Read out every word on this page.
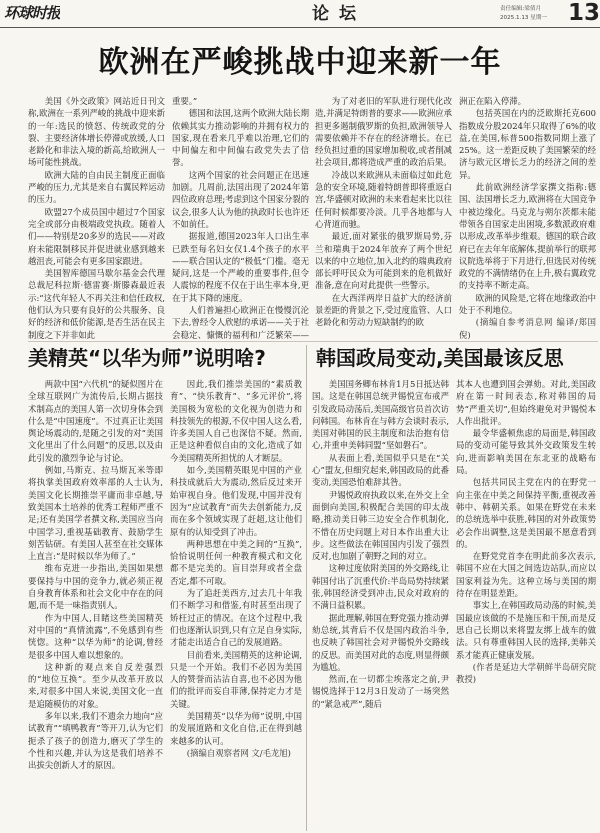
环球时报	论 坛	责任编辑:梁倩月
2025.1.13 星期一 13
欧洲在严峻挑战中迎来新一年

美国《外交政策》网站近日刊文称,欧洲在一系列严峻的挑战中迎来新的一年:选民的愤怒、传统政党的分裂、主要经济体增长停滞或放缓,人口老龄化和非法入境的新高,给欧洲人一场可能性挑战。

欧洲大陆的自由民主制度正面临严峻的压力,尤其是来自右翼民粹运动的压力。

欧盟27个成员国中超过7个国家完全或部分由极端政党执政。随着人们——特别是20多岁的选民——对政府未能限制移民并促进就业感到越来越沮丧,可能会有更多国家跟进。

美国智库德国马歇尔基金会代理总裁尼科拉斯·德雷赛·斯滕森最近表示:“这代年轻人不再关注和信任政权,他们认为只要有良好的公共服务、良好的经济和低价能源,是否生活在民主制度之下并非如此

重要。”

德国和法国,这两个欧洲大陆长期依赖其实力推动影响的并拥有权力的国家,现在看来几乎难以治理,它们的中间偏左和中间偏右政党失去了信誉。

这两个国家的社会问题正在迅速加剧。几周前,法国出现了2024年第四位政府总理;考虑到这个国家分裂的议会,很多人认为他的执政时长也许还不如前任。

据报道,德国2023年人口出生率已跌至每名妇女仅1.4个孩子的水平——联合国认定的“极低”门槛。毫无疑问,这是一个严峻的重要事件,但令人震惊的程度不仅在于出生率本身,更在于其下降的速度。

人们普遍担心欧洲正在慢慢沉沦下去,曾经令人欣慰的承诺——关于社会稳定、慷慨的福利和广泛繁荣——

为了对老旧的军队进行现代化改造,并满足特朗普的要求——欧洲应承担更多遏制俄罗斯的负担,欧洲领导人需要依赖并不存在的经济增长。在已经负担过重的国家增加税收,或者削减社会项目,都将造成严重的政治后果。

冷战以来欧洲从未面临过如此危急的安全环境,随着特朗普即将重返白宫,华盛顿对欧洲的未来看起来比以往任何时候都要冷淡。几乎各地都与人心背道而驰。

最近,面对紧张的俄罗斯局势,芬兰和瑞典于2024年放弃了两个世纪以来的中立地位,加入北约的瑞典政府部长呼吁民众为可能到来的危机做好准备,意在向对此提供一些警示。

在大西洋两岸日益扩大的经济前景差距的背景之下,受过度监管、人口老龄化和劳动力短缺制约的欧

洲正在陷入停滞。

包括英国在内的泛欧斯托克600指数成分股2024年只取得了6%的收益,在美国,标普500指数同期上涨了25%。这一差距反映了美国繁荣的经济与欧元区增长乏力的经济之间的差异。

此前欧洲经济学家撰文指称:德国、法国增长乏力,欧洲将在大国竞争中被边缘化。马克龙与朔尔茨都未能带领各自国家走出困境,多数派政府难以形成,改革举步维艰。德国的联合政府已在去年年底解体,提前举行的联邦议院选举将于下月进行,但选民对传统政党的不满情绪仍在上升,极右翼政党的支持率不断走高。

欧洲的风险是,它将在地缘政治中处于不利地位。

(摘编自参考消息网 编译/郑国倪)

美精英“以华为师”说明啥?	韩国政局变动,美国最该反思

两款中国“六代机”的疑似图片在全球互联网广为流传后,长期占据技术制高点的美国人第一次切身体会到什么是“中国速度”。不过真正让美国舆论场震动的,是随之引发的对“美国文化里出了什么问题”的反思,以及由此引发的激烈争论与讨论。

例如,马斯克、拉马斯瓦米等即将执掌美国政府效率部的人士认为,美国文化长期推崇平庸而非卓越,导致美国本土培养的优秀工程师严重不足;还有美国学者撰文称,美国应当向中国学习,重视基础教育、鼓励学生刻苦钻研。有美国人甚至在社交媒体上直言:“是时候以华为师了。”

维布克进一步指出,美国如果想要保持与中国的竞争力,就必须正视自身教育体系和社会文化中存在的问题,而不是一味指责别人。

作为中国人,目睹这些美国精英对中国的“真情流露”,不免感到有些恍惚。这种“以华为师”的论调,曾经是很多中国人难以想象的。

这种新的观点来自反差强烈的“地位互换”。至少从改革开放以来,对很多中国人来说,美国文化一直是追随模仿的对象。

多年以来,我们不遗余力地向“应试教育”“填鸭教育”等开刀,认为它们扼杀了孩子的创造力,磨灭了学生的个性和兴趣,并认为这是我们培养不出拔尖创新人才的原因。

因此,我们推崇美国的“素质教育”、“快乐教育”、“多元评价”,将美国极为宽松的文化视为创造力和科技领先的根源,不仅中国人这么看,许多美国人自己也深信不疑。然而,正是这种看似自由的文化,造成了如今美国精英所担忧的人才断层。

如今,美国精英眼见中国的产业科技成就后大为震动,然后反过来开始审视自身。他们发现,中国并没有因为“应试教育”而失去创新能力,反而在多个领域实现了赶超,这让他们原有的认知受到了冲击。

两种思想在中美之间的“互换”,恰恰说明任何一种教育模式和文化都不是完美的。盲目崇拜或者全盘否定,都不可取。

为了追赶美西方,过去几十年我们不断学习和借鉴,有时甚至出现了矫枉过正的情况。在这个过程中,我们也逐渐认识到,只有立足自身实际,才能走出适合自己的发展道路。

目前看来,美国精英的这种论调,只是一个开始。我们不必因为美国人的赞誉而沾沾自喜,也不必因为他们的批评而妄自菲薄,保持定力才是关键。

美国精英“以华为师”说明,中国的发展道路和文化自信,正在得到越来越多的认可。

(摘编自观察者网 文/毛龙旭)

美国国务卿布林肯1月5日抵达韩国。这是在韩国总统尹锡悦宣布戒严引发政局动荡后,美国高级官员首次访问韩国。布林肯在与韩方会谈时表示,美国对韩国的民主制度和法治抱有信心,并重申美韩同盟“坚如磐石”。

从表面上看,美国似乎只是在“关心”盟友,但细究起来,韩国政局的此番变动,美国恐怕难辞其咎。

尹锡悦政府执政以来,在外交上全面倒向美国,积极配合美国的印太战略,推动美日韩三边安全合作机制化,不惜在历史问题上对日本作出重大让步。这些做法在韩国国内引发了强烈反对,也加剧了朝野之间的对立。

这种过度依附美国的外交路线,让韩国付出了沉重代价:半岛局势持续紧张,韩国经济受到冲击,民众对政府的不满日益积累。

据此理解,韩国在野党强力推动弹劾总统,其背后不仅是国内政治斗争,也反映了韩国社会对尹锡悦外交路线的反思。而美国对此的态度,则显得颇为尴尬。

然而,在一切都尘埃落定之前,尹锡悦选择于12月3日发动了一场突然的“紧急戒严”,随后

其本人也遭到国会弹劾。对此,美国政府在第一时间表态,称对韩国的局势“严重关切”,但始终避免对尹锡悦本人作出批评。

最令华盛顿焦虑的局面是,韩国政局的变动可能导致其外交政策发生转向,进而影响美国在东北亚的战略布局。

包括共同民主党在内的在野党一向主张在中美之间保持平衡,重视改善韩中、韩朝关系。如果在野党在未来的总统选举中获胜,韩国的对外政策势必会作出调整,这是美国最不愿意看到的。

在野党党首李在明此前多次表示,韩国不应在大国之间选边站队,而应以国家利益为先。这种立场与美国的期待存在明显差距。

事实上,在韩国政局动荡的时候,美国最应该做的不是施压和干预,而是反思自己长期以来将盟友绑上战车的做法。只有尊重韩国人民的选择,美韩关系才能真正健康发展。

(作者是延边大学朝鲜半岛研究院教授)
